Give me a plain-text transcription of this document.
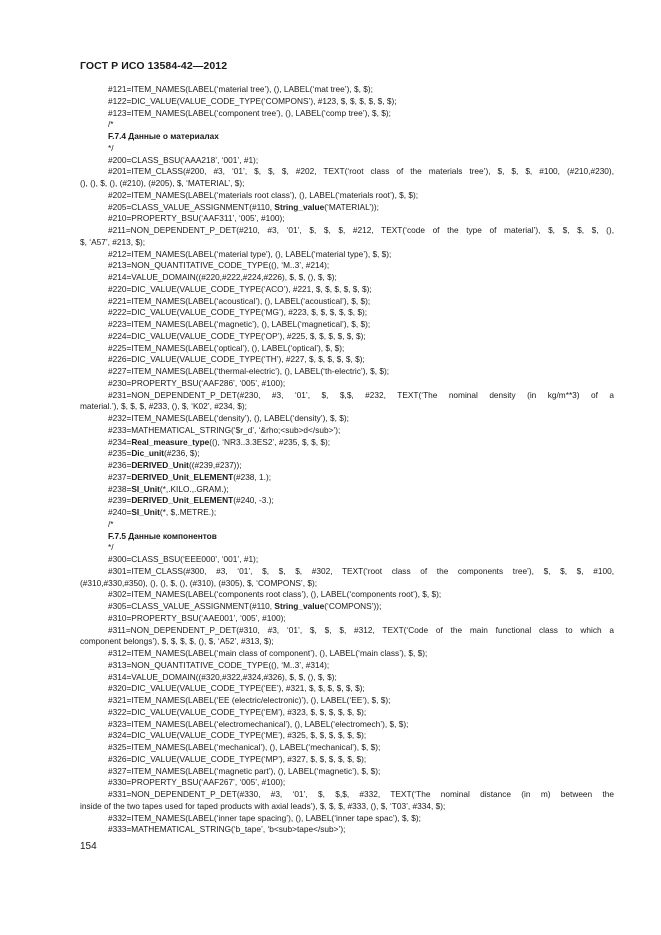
ГОСТ Р ИСО 13584-42—2012
#121=ITEM_NAMES(LABEL(‘material tree’), (), LABEL(‘mat tree’), $, $);
#122=DIC_VALUE(VALUE_CODE_TYPE(‘COMPONS’), #123, $, $, $, $, $, $);
#123=ITEM_NAMES(LABEL(‘component tree’), (), LABEL(‘comp tree’), $, $);
/*
F.7.4 Данные о материалах
*/
#200=CLASS_BSU(‘AAA218’, ‘001’, #1);
#201=ITEM_CLASS(#200, #3, ‘01’, $, $, $, #202, TEXT(‘root class of the materials tree’), $, $, $, #100, (#210,#230),
(), (), $, (), (#210), (#205), $, ‘MATERIAL’, $);
#202=ITEM_NAMES(LABEL(‘materials root class’), (), LABEL(‘materials root’), $, $);
#205=CLASS_VALUE_ASSIGNMENT(#110, String_value(‘MATERIAL’));
#210=PROPERTY_BSU(‘AAF311’, ‘005’, #100);
#211=NON_DEPENDENT_P_DET(#210, #3, ‘01’, $, $, $, #212, TEXT(‘code of the type of material’), $, $, $, $, (),
$, ‘A57’, #213, $);
#212=ITEM_NAMES(LABEL(‘material type’), (), LABEL(‘material type’), $, $);
#213=NON_QUANTITATIVE_CODE_TYPE((), ‘M..3’, #214);
#214=VALUE_DOMAIN((#220,#222,#224,#226), $, $, (), $, $);
#220=DIC_VALUE(VALUE_CODE_TYPE(‘ACO’), #221, $, $, $, $, $, $);
#221=ITEM_NAMES(LABEL(‘acoustical’), (), LABEL(‘acoustical’), $, $);
#222=DIC_VALUE(VALUE_CODE_TYPE(‘MG’), #223, $, $, $, $, $, $);
#223=ITEM_NAMES(LABEL(‘magnetic’), (), LABEL(‘magnetical’), $, $);
#224=DIC_VALUE(VALUE_CODE_TYPE(‘OP’), #225, $, $, $, $, $, $);
#225=ITEM_NAMES(LABEL(‘optical’), (), LABEL(‘optical’), $, $);
#226=DIC_VALUE(VALUE_CODE_TYPE(‘TH’), #227, $, $, $, $, $, $);
#227=ITEM_NAMES(LABEL(‘thermal-electric’), (), LABEL(‘th-electric’), $, $);
#230=PROPERTY_BSU(‘AAF286’, ‘005’, #100);
#231=NON_DEPENDENT_P_DET(#230, #3, ‘01’, $, $,$, #232, TEXT(‘The nominal density (in kg/m**3) of a
material.’), $, $, $, #233, (), $, ‘K02’, #234, $);
#232=ITEM_NAMES(LABEL(‘density’), (), LABEL(‘density’), $, $);
#233=MATHEMATICAL_STRING(‘$r_d’, ‘&rho;<sub>d</sub>’);
#234=Real_measure_type((), ‘NR3..3.3ES2’, #235, $, $, $);
#235=Dic_unit(#236, $);
#236=DERIVED_Unit((#239,#237));
#237=DERIVED_Unit_ELEMENT(#238, 1.);
#238=SI_Unit(*,.KILO.,.GRAM.);
#239=DERIVED_Unit_ELEMENT(#240, -3.);
#240=SI_Unit(*, $,.METRE.);
/*
F.7.5 Данные компонентов
*/
#300=CLASS_BSU(‘EEE000’, ‘001’, #1);
#301=ITEM_CLASS(#300, #3, ‘01’, $, $, $, #302, TEXT(‘root class of the components tree’), $, $, $, #100,
(#310,#330,#350), (), (), $, (), (#310), (#305), $, ‘COMPONS’, $);
#302=ITEM_NAMES(LABEL(‘components root class’), (), LABEL(‘components root’), $, $);
#305=CLASS_VALUE_ASSIGNMENT(#110, String_value(‘COMPONS’));
#310=PROPERTY_BSU(‘AAE001’, ‘005’, #100);
#311=NON_DEPENDENT_P_DET(#310, #3, ‘01’, $, $, $, #312, TEXT(‘Code of the main functional class to which a
component belongs’), $, $, $, $, (), $, ‘A52’, #313, $);
#312=ITEM_NAMES(LABEL(‘main class of component’), (), LABEL(‘main class’), $, $);
#313=NON_QUANTITATIVE_CODE_TYPE((), ‘M..3’, #314);
#314=VALUE_DOMAIN((#320,#322,#324,#326), $, $, (), $, $);
#320=DIC_VALUE(VALUE_CODE_TYPE(‘EE’), #321, $, $, $, $, $, $);
#321=ITEM_NAMES(LABEL(‘EE (electric/electronic)’), (), LABEL(‘EE’), $, $);
#322=DIC_VALUE(VALUE_CODE_TYPE(‘EM’), #323, $, $, $, $, $, $);
#323=ITEM_NAMES(LABEL(‘electromechanical’), (), LABEL(‘electromech’), $, $);
#324=DIC_VALUE(VALUE_CODE_TYPE(‘ME’), #325, $, $, $, $, $, $);
#325=ITEM_NAMES(LABEL(‘mechanical’), (), LABEL(‘mechanical’), $, $);
#326=DIC_VALUE(VALUE_CODE_TYPE(‘MP’), #327, $, $, $, $, $, $);
#327=ITEM_NAMES(LABEL(‘magnetic part’), (), LABEL(‘magnetic’), $, $);
#330=PROPERTY_BSU(‘AAF267’, ‘005’, #100);
#331=NON_DEPENDENT_P_DET(#330, #3, ‘01’, $, $,$, #332, TEXT(‘The nominal distance (in m) between the
inside of the two tapes used for taped products with axial leads’), $, $, $, #333, (), $, ‘T03’, #334, $);
#332=ITEM_NAMES(LABEL(‘inner tape spacing’), (), LABEL(‘inner tape spac’), $, $);
#333=MATHEMATICAL_STRING(‘b_tape’, ‘b<sub>tape</sub>’);
154
